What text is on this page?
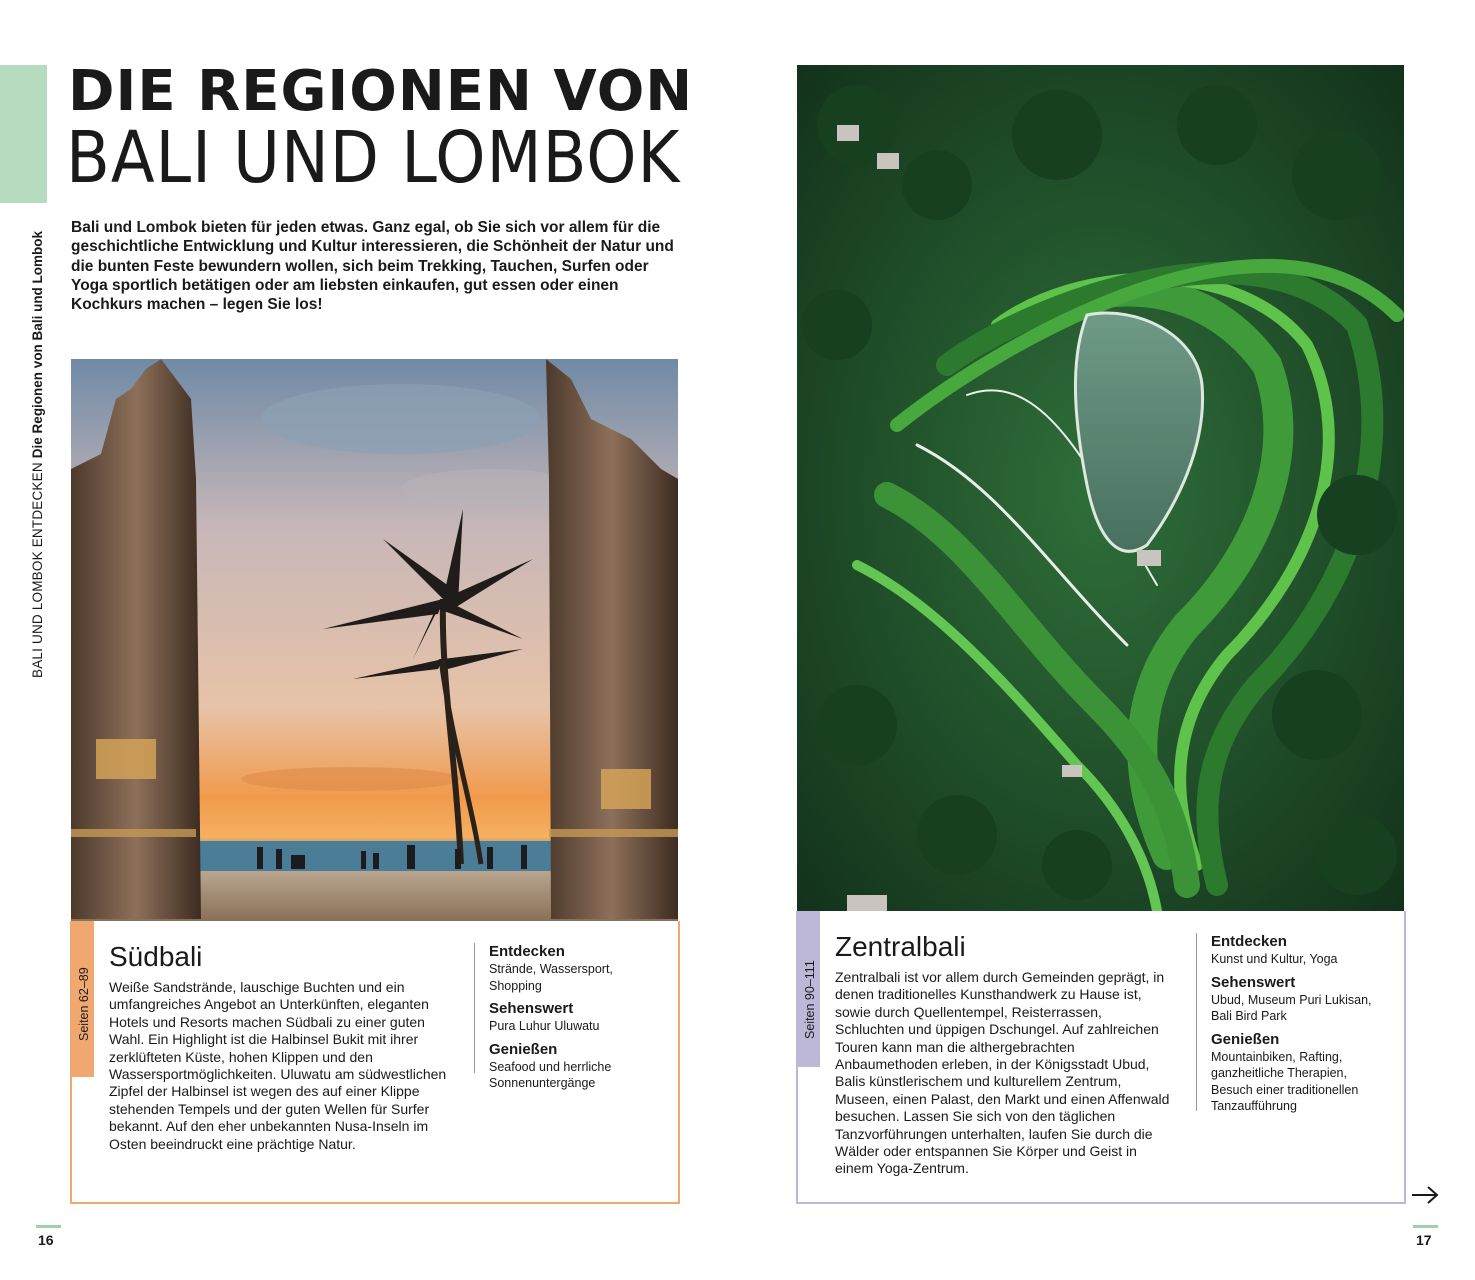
BALI UND LOMBOK ENTDECKENDie Regionen von Bali und Lombok
DIE REGIONEN VON
BALI UND LOMBOK
Bali und Lombok bieten für jeden etwas. Ganz egal, ob Sie sich vor allem für die geschichtliche Entwicklung und Kultur interessieren, die Schönheit der Natur und die bunten Feste bewundern wollen, sich beim Trekking, Tauchen, Surfen oder Yoga sportlich betätigen oder am liebsten einkaufen, gut essen oder einen Kochkurs machen – legen Sie los!
Seiten 62–89
Südbali
Weiße Sandstrände, lauschige Buchten und ein umfangreiches Angebot an Unterkünften, eleganten Hotels und Resorts machen Südbali zu einer guten Wahl. Ein Highlight ist die Halbinsel Bukit mit ihrer zerklüfteten Küste, hohen Klippen und den Wassersportmöglichkeiten. Uluwatu am südwestlichen Zipfel der Halbinsel ist wegen des auf einer Klippe stehenden Tempels und der guten Wellen für Surfer bekannt. Auf den eher unbekannten Nusa-Inseln im Osten beeindruckt eine prächtige Natur.
Entdecken

Strände, Wassersport, Shopping

Sehenswert

Pura Luhur Uluwatu

Genießen

Seafood und herrliche Sonnenuntergänge

Seiten 90–111
Zentralbali
Zentralbali ist vor allem durch Gemeinden geprägt, in denen traditionelles Kunsthandwerk zu Hause ist, sowie durch Quellentempel, Reisterrassen, Schluchten und üppigen Dschungel. Auf zahlreichen Touren kann man die althergebrachten Anbaumethoden erleben, in der Königsstadt Ubud, Balis künstlerischem und kulturellem Zentrum, Museen, einen Palast, den Markt und einen Affenwald besuchen. Lassen Sie sich von den täglichen Tanzvorführungen unterhalten, laufen Sie durch die Wälder oder entspannen Sie Körper und Geist in einem Yoga-Zentrum.
Entdecken

Kunst und Kultur, Yoga

Sehenswert

Ubud, Museum Puri Lukisan, Bali Bird Park

Genießen

Mountainbiken, Rafting, ganzheitliche Therapien, Besuch einer traditionellen Tanzaufführung

16	17
